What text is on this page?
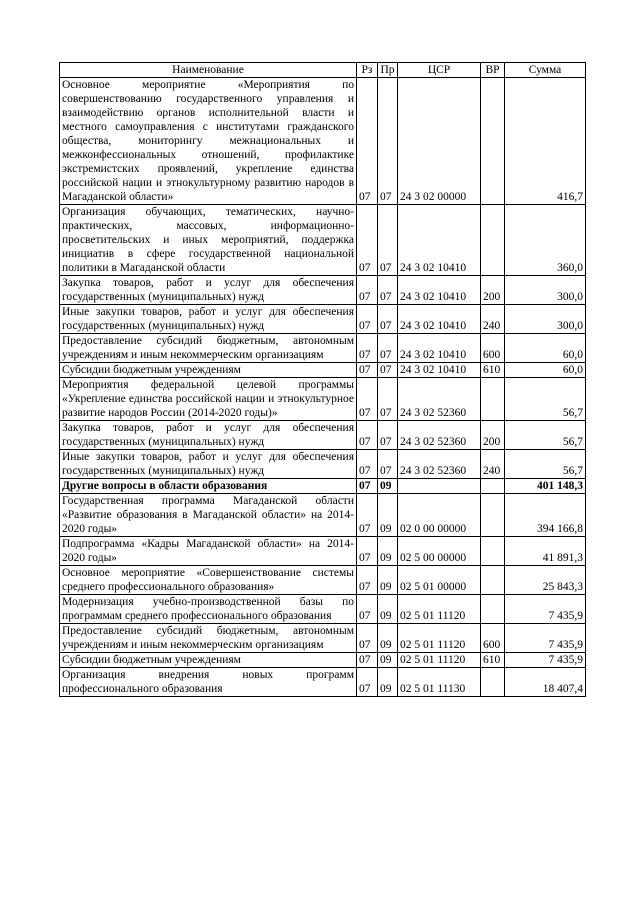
Наименование	Рз	Пр	ЦСР	ВР	Сумма
Основное мероприятие «Мероприятия по совершенствованию государственного управления и взаимодействию органов исполнительной власти и местного самоуправления с институтами гражданского общества, мониторингу межнациональных и межконфессиональных отношений, профилактике экстремистских проявлений, укрепление единства российской нации и этнокультурному развитию народов в Магаданской области»	07	07	24 3 02 00000		416,7
Организация обучающих, тематических, научно-практических, массовых, информационно-просветительских и иных мероприятий, поддержка инициатив в сфере государственной национальной политики в Магаданской области	07	07	24 3 02 10410		360,0
Закупка товаров, работ и услуг для обеспечения государственных (муниципальных) нужд	07	07	24 3 02 10410	200	300,0
Иные закупки товаров, работ и услуг для обеспечения государственных (муниципальных) нужд	07	07	24 3 02 10410	240	300,0
Предоставление субсидий бюджетным, автономным учреждениям и иным некоммерческим организациям	07	07	24 3 02 10410	600	60,0
Субсидии бюджетным учреждениям	07	07	24 3 02 10410	610	60,0
Мероприятия федеральной целевой программы «Укрепление единства российской нации и этнокультурное развитие народов России (2014-2020 годы)»	07	07	24 3 02 52360		56,7
Закупка товаров, работ и услуг для обеспечения государственных (муниципальных) нужд	07	07	24 3 02 52360	200	56,7
Иные закупки товаров, работ и услуг для обеспечения государственных (муниципальных) нужд	07	07	24 3 02 52360	240	56,7
Другие вопросы в области образования	07	09			401 148,3
Государственная программа Магаданской области «Развитие образования в Магаданской области» на 2014-2020 годы»	07	09	02 0 00 00000		394 166,8
Подпрограмма «Кадры Магаданской области» на 2014-2020 годы»	07	09	02 5 00 00000		41 891,3
Основное мероприятие «Совершенствование системы среднего профессионального образования»	07	09	02 5 01 00000		25 843,3
Модернизация учебно-производственной базы по программам среднего профессионального образования	07	09	02 5 01 11120		7 435,9
Предоставление субсидий бюджетным, автономным учреждениям и иным некоммерческим организациям	07	09	02 5 01 11120	600	7 435,9
Субсидии бюджетным учреждениям	07	09	02 5 01 11120	610	7 435,9
Организация внедрения новых программ профессионального образования	07	09	02 5 01 11130		18 407,4
